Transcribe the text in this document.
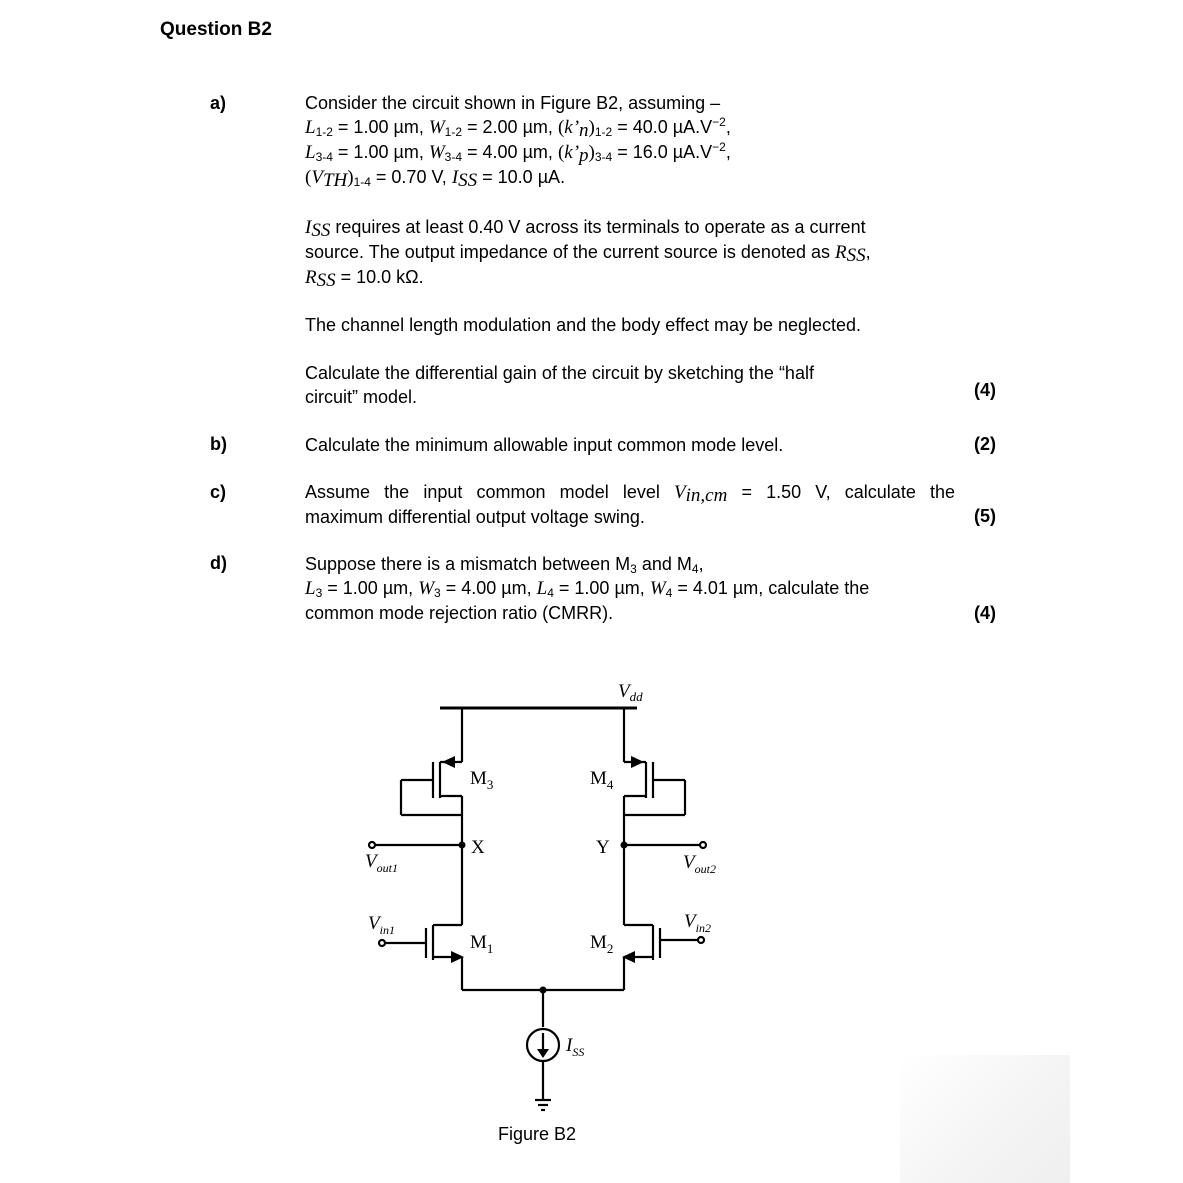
Question B2
a)	Consider the circuit shown in Figure B2, assuming –
$L_{1-2} = 1.00$ µm, $W_{1-2} = 2.00$ µm, $(k’_n)_{1-2} = 40.0$ $\mu A.V^{-2}$,
$L_{3-4} = 1.00$ µm, $W_{3-4} = 4.00$ µm, $(k’_p)_{3-4} = 16.0$ $\mu A.V^{-2}$,
$(V_{TH})_{1-4} = 0.70$ V, $I_{SS} = 10.0$ µA.
$I_{SS}$ requires at least 0.40 V across its terminals to operate as a current
source. The output impedance of the current source is denoted as $R_{SS}$,
$R_{SS} = 10.0$ kΩ.
The channel length modulation and the body effect may be neglected.
Calculate the differential gain of the circuit by sketching the “half
circuit” model.	(4)
b)	Calculate the minimum allowable input common mode level.	(2)
c)	Assume the input common model level $V_{in,cm} = 1.50$ V, calculate the
maximum differential output voltage swing.	(5)
d)	Suppose there is a mismatch between $M_3$ and $M_4$,
$L_3 = 1.00$ µm, $W_3 = 4.00$ µm, $L_4 = 1.00$ µm, $W_4 = 4.01$ µm, calculate the
common mode rejection ratio (CMRR).	(4)
$V_{dd}$
$M_3$	$M_4$
X
$V_{out1}$
Y
$V_{out2}$
$V_{in1}$
$M_1$
$V_{in2}$
$M_2$
$I_{SS}$
Figure B2
